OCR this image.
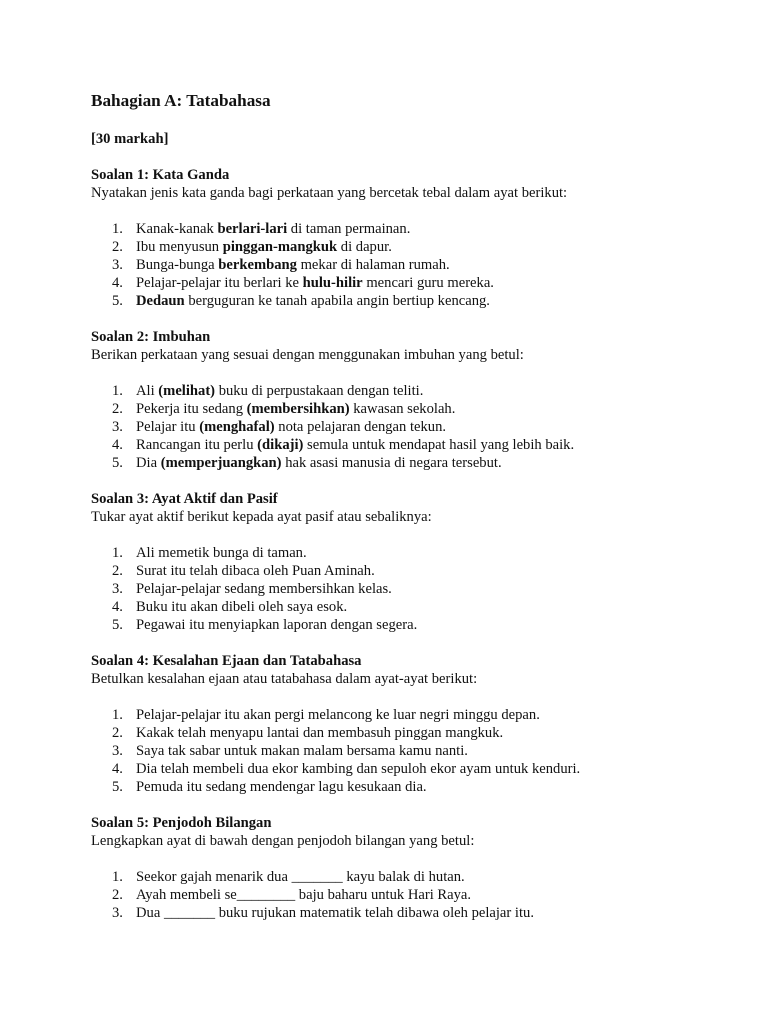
Bahagian A: Tatabahasa
[30 markah]
Soalan 1: Kata Ganda
Nyatakan jenis kata ganda bagi perkataan yang bercetak tebal dalam ayat berikut:
1. Kanak-kanak berlari-lari di taman permainan.
2. Ibu menyusun pinggan-mangkuk di dapur.
3. Bunga-bunga berkembang mekar di halaman rumah.
4. Pelajar-pelajar itu berlari ke hulu-hilir mencari guru mereka.
5. Dedaun berguguran ke tanah apabila angin bertiup kencang.
Soalan 2: Imbuhan
Berikan perkataan yang sesuai dengan menggunakan imbuhan yang betul:
1. Ali (melihat) buku di perpustakaan dengan teliti.
2. Pekerja itu sedang (membersihkan) kawasan sekolah.
3. Pelajar itu (menghafal) nota pelajaran dengan tekun.
4. Rancangan itu perlu (dikaji) semula untuk mendapat hasil yang lebih baik.
5. Dia (memperjuangkan) hak asasi manusia di negara tersebut.
Soalan 3: Ayat Aktif dan Pasif
Tukar ayat aktif berikut kepada ayat pasif atau sebaliknya:
1. Ali memetik bunga di taman.
2. Surat itu telah dibaca oleh Puan Aminah.
3. Pelajar-pelajar sedang membersihkan kelas.
4. Buku itu akan dibeli oleh saya esok.
5. Pegawai itu menyiapkan laporan dengan segera.
Soalan 4: Kesalahan Ejaan dan Tatabahasa
Betulkan kesalahan ejaan atau tatabahasa dalam ayat-ayat berikut:
1. Pelajar-pelajar itu akan pergi melancong ke luar negri minggu depan.
2. Kakak telah menyapu lantai dan membasuh pinggan mangkuk.
3. Saya tak sabar untuk makan malam bersama kamu nanti.
4. Dia telah membeli dua ekor kambing dan sepuloh ekor ayam untuk kenduri.
5. Pemuda itu sedang mendengar lagu kesukaan dia.
Soalan 5: Penjodoh Bilangan
Lengkapkan ayat di bawah dengan penjodoh bilangan yang betul:
1. Seekor gajah menarik dua _______ kayu balak di hutan.
2. Ayah membeli se________ baju baharu untuk Hari Raya.
3. Dua _______ buku rujukan matematik telah dibawa oleh pelajar itu.
